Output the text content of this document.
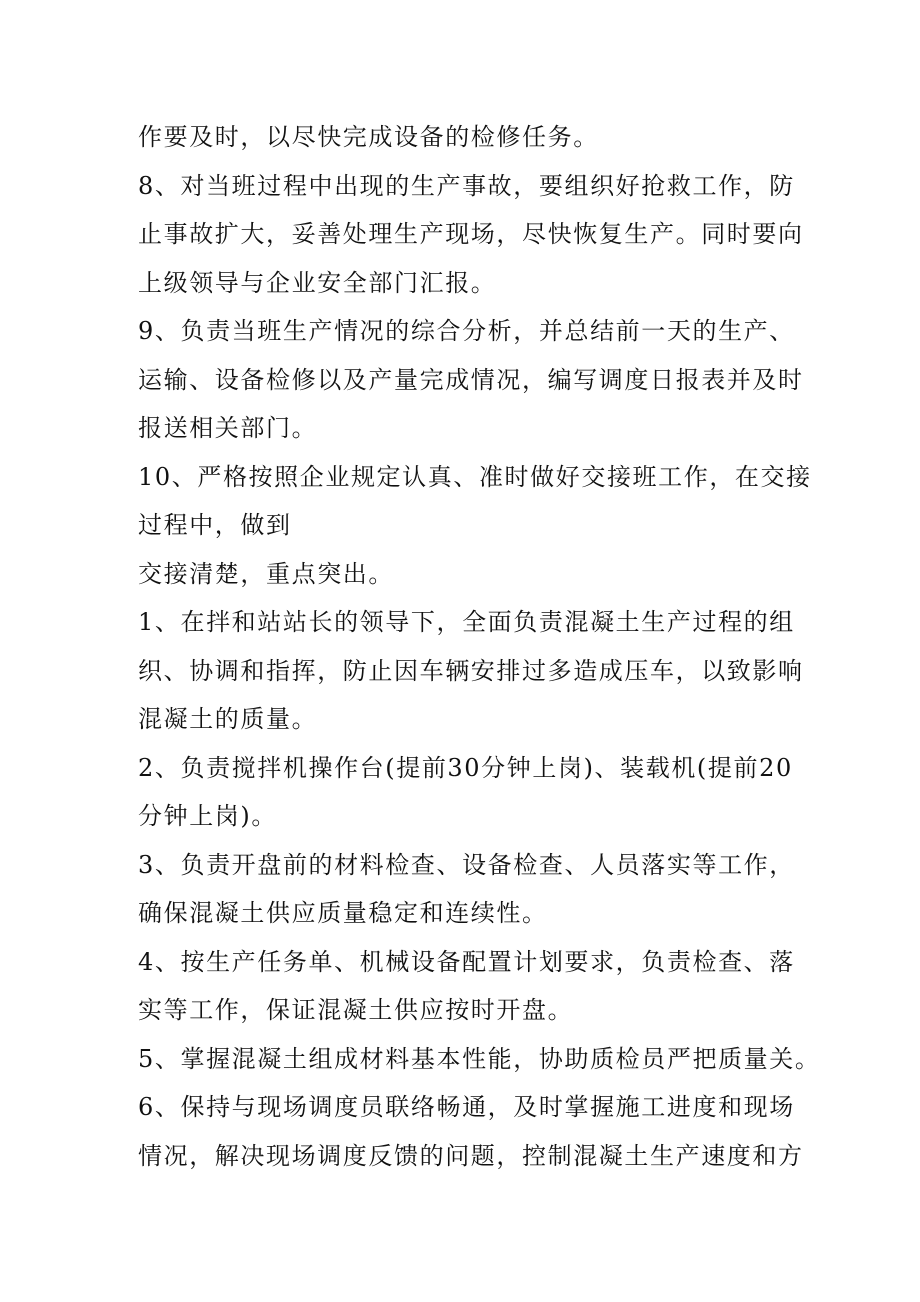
作要及时，以尽快完成设备的检修任务。
8、对当班过程中出现的生产事故，要组织好抢救工作，防
止事故扩大，妥善处理生产现场，尽快恢复生产。同时要向
上级领导与企业安全部门汇报。
9、负责当班生产情况的综合分析，并总结前一天的生产、
运输、设备检修以及产量完成情况，编写调度日报表并及时
报送相关部门。
10、严格按照企业规定认真、准时做好交接班工作，在交接
过程中，做到
交接清楚，重点突出。
1、在拌和站站长的领导下，全面负责混凝土生产过程的组
织、协调和指挥，防止因车辆安排过多造成压车，以致影响
混凝土的质量。
2、负责搅拌机操作台(提前30分钟上岗)、装载机(提前20
分钟上岗)。
3、负责开盘前的材料检查、设备检查、人员落实等工作，
确保混凝土供应质量稳定和连续性。
4、按生产任务单、机械设备配置计划要求，负责检查、落
实等工作，保证混凝土供应按时开盘。
5、掌握混凝土组成材料基本性能，协助质检员严把质量关。
6、保持与现场调度员联络畅通，及时掌握施工进度和现场
情况，解决现场调度反馈的问题，控制混凝土生产速度和方
